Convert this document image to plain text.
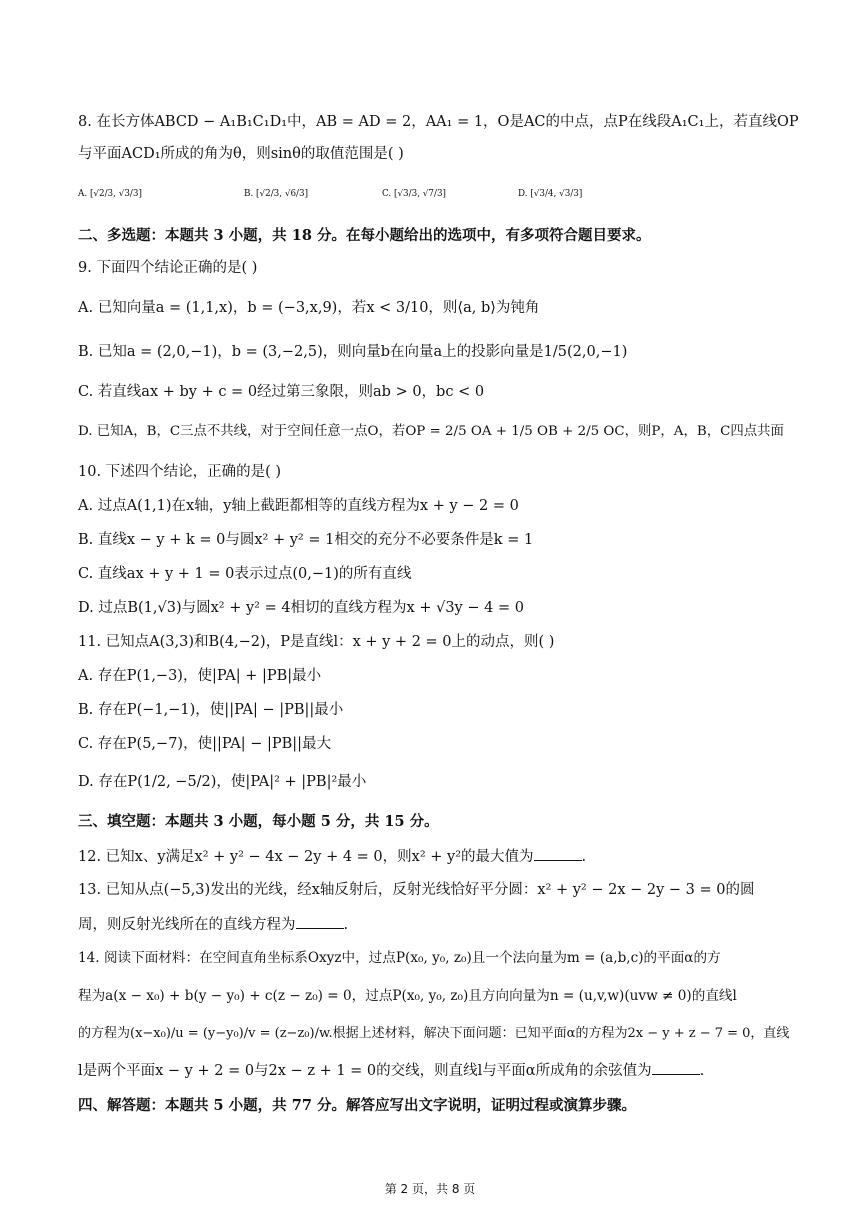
8. 在长方体ABCD − A₁B₁C₁D₁中，AB = AD = 2，AA₁ = 1，O是AC的中点，点P在线段A₁C₁上，若直线OP
与平面ACD₁所成的角为θ，则sinθ的取值范围是( )
A. [√2/3, √3/3]	B. [√2/3, √6/3]	C. [√3/3, √7/3]	D. [√3/4, √3/3]
二、多选题：本题共 3 小题，共 18 分。在每小题给出的选项中，有多项符合题目要求。
9. 下面四个结论正确的是( )
A. 已知向量a = (1,1,x)，b = (−3,x,9)，若x < 3/10，则⟨a, b⟩为钝角
B. 已知a = (2,0,−1)，b = (3,−2,5)，则向量b在向量a上的投影向量是1/5(2,0,−1)
C. 若直线ax + by + c = 0经过第三象限，则ab > 0，bc < 0
D. 已知A，B，C三点不共线，对于空间任意一点O，若OP = 2/5 OA + 1/5 OB + 2/5 OC，则P，A，B，C四点共面
10. 下述四个结论，正确的是( )
A. 过点A(1,1)在x轴，y轴上截距都相等的直线方程为x + y − 2 = 0
B. 直线x − y + k = 0与圆x² + y² = 1相交的充分不必要条件是k = 1
C. 直线ax + y + 1 = 0表示过点(0,−1)的所有直线
D. 过点B(1,√3)与圆x² + y² = 4相切的直线方程为x + √3y − 4 = 0
11. 已知点A(3,3)和B(4,−2)，P是直线l：x + y + 2 = 0上的动点，则( )
A. 存在P(1,−3)，使|PA| + |PB|最小
B. 存在P(−1,−1)，使||PA| − |PB||最小
C. 存在P(5,−7)，使||PA| − |PB||最大
D. 存在P(1/2, −5/2)，使|PA|² + |PB|²最小
三、填空题：本题共 3 小题，每小题 5 分，共 15 分。
12. 已知x、y满足x² + y² − 4x − 2y + 4 = 0，则x² + y²的最大值为	.
13. 已知从点(−5,3)发出的光线，经x轴反射后，反射光线恰好平分圆：x² + y² − 2x − 2y − 3 = 0的圆
周，则反射光线所在的直线方程为	.
14. 阅读下面材料：在空间直角坐标系Oxyz中，过点P(x₀, y₀, z₀)且一个法向量为m = (a,b,c)的平面α的方
程为a(x − x₀) + b(y − y₀) + c(z − z₀) = 0，过点P(x₀, y₀, z₀)且方向向量为n = (u,v,w)(uvw ≠ 0)的直线l
的方程为(x−x₀)/u = (y−y₀)/v = (z−z₀)/w.根据上述材料，解决下面问题：已知平面α的方程为2x − y + z − 7 = 0，直线
l是两个平面x − y + 2 = 0与2x − z + 1 = 0的交线，则直线l与平面α所成角的余弦值为	.
四、解答题：本题共 5 小题，共 77 分。解答应写出文字说明，证明过程或演算步骤。
第 2 页，共 8 页
